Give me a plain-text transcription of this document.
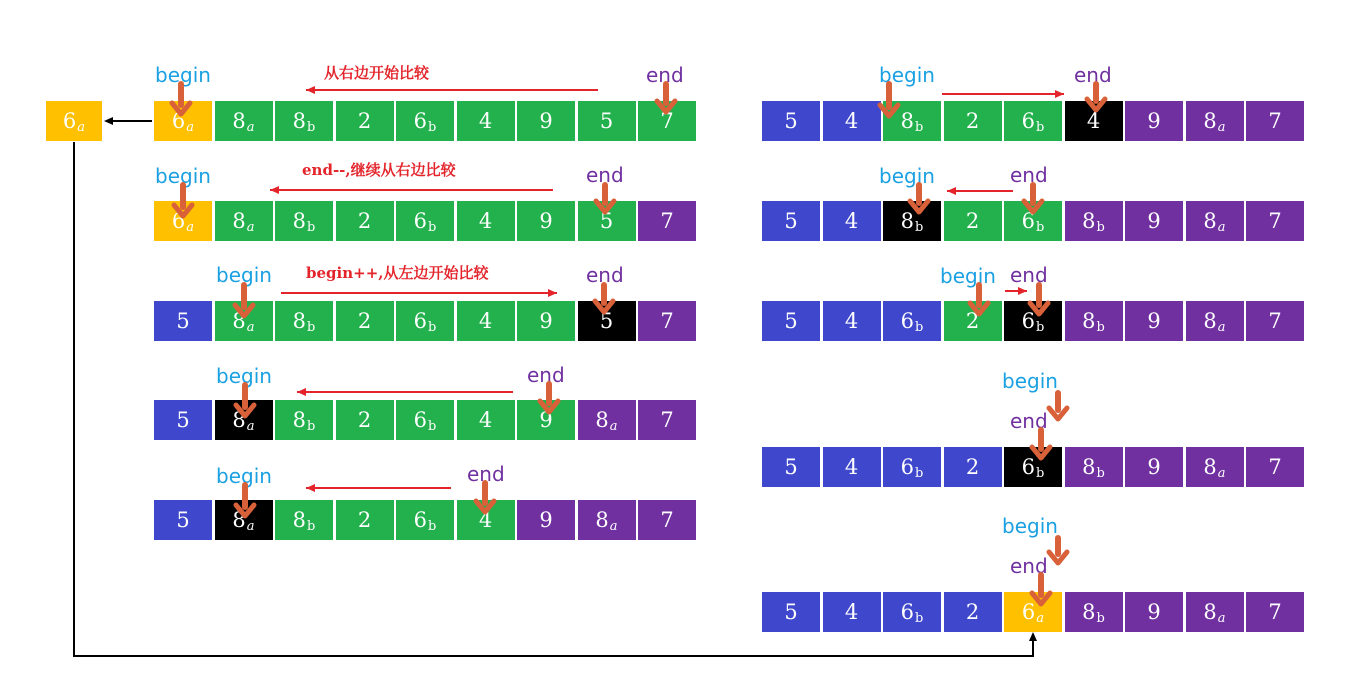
6 a
从右边开始比较
end--,继续从右边比较
begin++,从左边开始比较
begin	end
begin	end
begin	end
begin	end
begin	end
begin	end
begin	end
begin end
begin
end
begin
end
6 a 8 a 8 b 2 6 b 4 9 5 7
6 a 8 a 8 b 2 6 b 4 9 5 7
5 8 a 8 b 2 6 b 4 9 5 7
5 8 a 8 b 2 6 b 4 9 8 a 7
5 8 a 8 b 2 6 b 4 9 8 a 7
5 4 8 b 2 6 b 4 9 8 a 7
5 4 8 b 2 6 b 8 b 9 8 a 7
5 4 6 b 2 6 b 8 b 9 8 a 7
5 4 6 b 2 6 b 8 b 9 8 a 7
5 4 6 b 2 6 a 8 b 9 8 a 7
